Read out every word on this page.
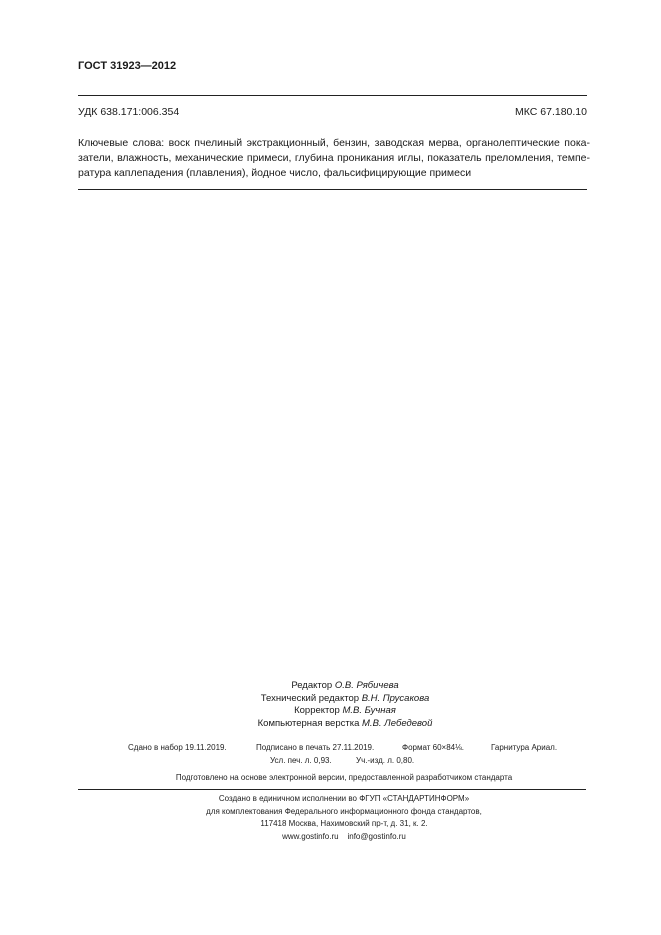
ГОСТ 31923—2012
УДК 638.171:006.354	МКС 67.180.10
Ключевые слова: воск пчелиный экстракционный, бензин, заводская мерва, органолептические пока-
затели, влажность, механические примеси, глубина проникания иглы, показатель преломления, темпе-
ратура каплепадения (плавления), йодное число, фальсифицирующие примеси
Редактор О.В. Рябичева
Технический редактор В.Н. Прусакова
Корректор М.В. Бучная
Компьютерная верстка М.В. Лебедевой
Сдано в набор 19.11.2019.	Подписано в печать 27.11.2019.	Формат 60×84⅛.	Гарнитура Ариал.
Усл. печ. л. 0,93.	Уч.-изд. л. 0,80.
Подготовлено на основе электронной версии, предоставленной разработчиком стандарта
Создано в единичном исполнении во ФГУП «СТАНДАРТИНФОРМ»
для комплектования Федерального информационного фонда стандартов,
117418 Москва, Нахимовский пр-т, д. 31, к. 2.
www.gostinfo.ru info@gostinfo.ru
